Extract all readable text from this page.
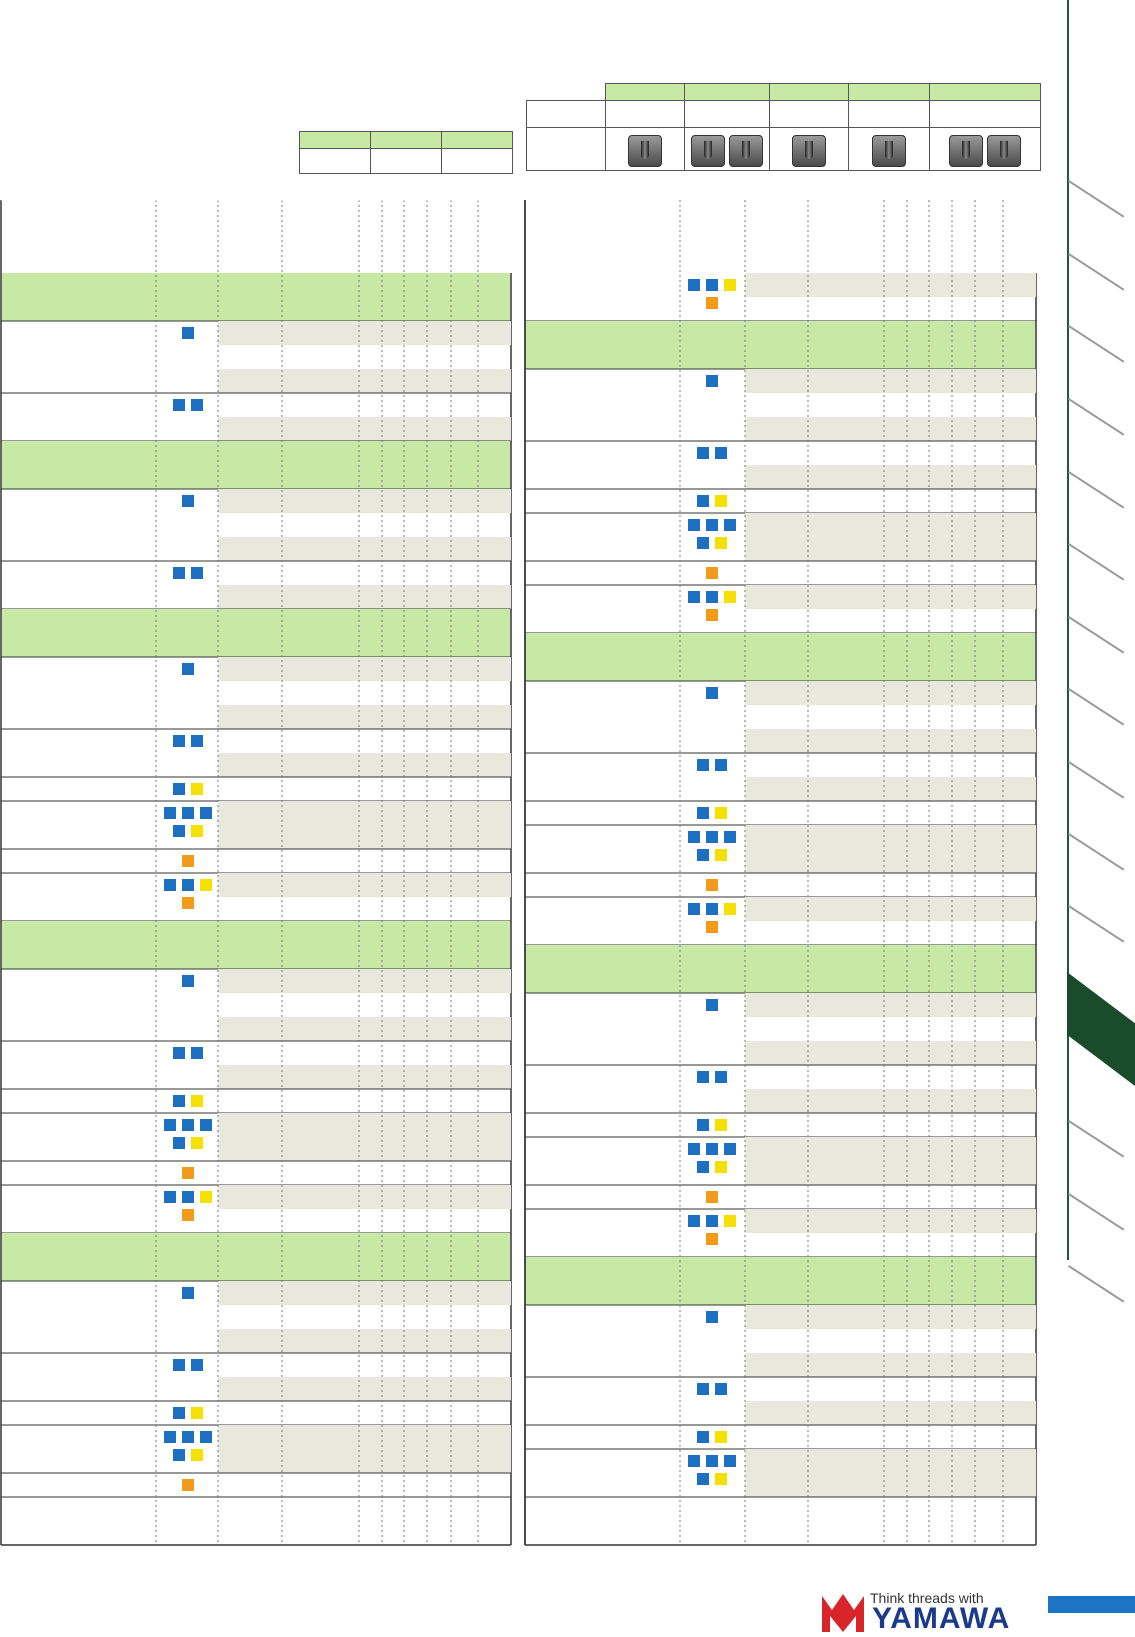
Think threads with
YAMAWA
